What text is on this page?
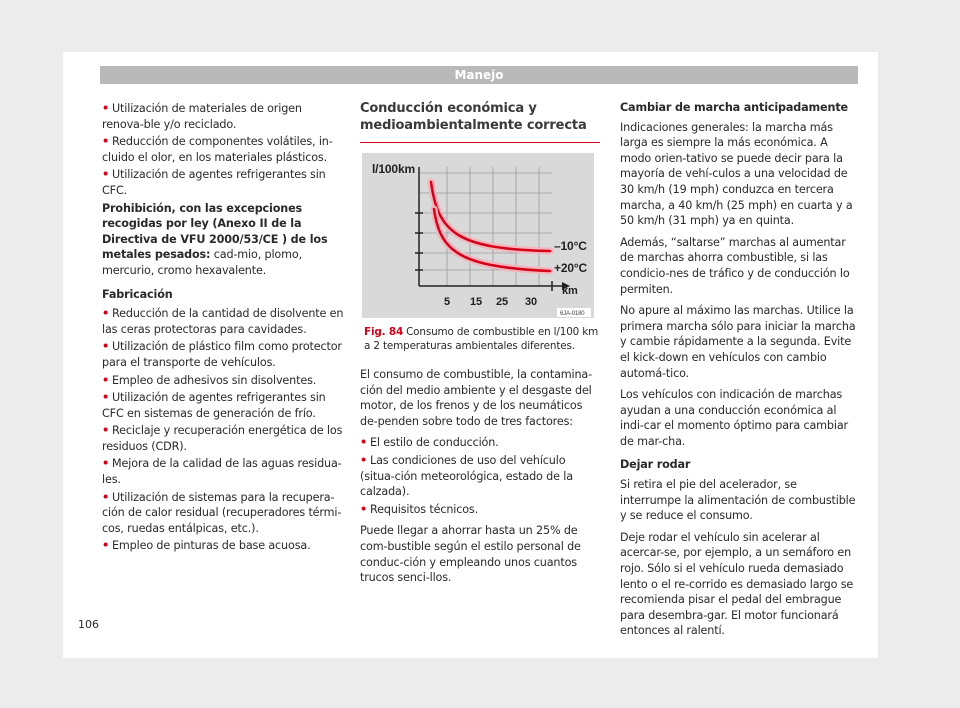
Manejo

• Utilización de materiales de origen renova-ble y/o reciclado.

• Reducción de componentes volátiles, in-cluido el olor, en los materiales plásticos.

• Utilización de agentes refrigerantes sin CFC.

Prohibición, con las excepciones recogidas por ley (Anexo II de la Directiva de VFU 2000/53/CE ) de los metales pesados: cad-mio, plomo, mercurio, cromo hexavalente.

Fabricación

• Reducción de la cantidad de disolvente en las ceras protectoras para cavidades.

• Utilización de plástico film como protector para el transporte de vehículos.

• Empleo de adhesivos sin disolventes.

• Utilización de agentes refrigerantes sin CFC en sistemas de generación de frío.

• Reciclaje y recuperación energética de los residuos (CDR).

• Mejora de la calidad de las aguas residua-les.

• Utilización de sistemas para la recupera-ción de calor residual (recuperadores térmi-cos, ruedas entálpicas, etc.).

• Empleo de pinturas de base acuosa.

Conducción económica y
medioambientalmente correcta
l/100km
–10°C
+20°C
km
5 15 25 30
6JA-0180

Fig. 84 Consumo de combustible en l/100 km a 2 temperaturas ambientales diferentes.

El consumo de combustible, la contamina-ción del medio ambiente y el desgaste del motor, de los frenos y de los neumáticos de-penden sobre todo de tres factores:

• El estilo de conducción.

• Las condiciones de uso del vehículo (situa-ción meteorológica, estado de la calzada).

• Requisitos técnicos.

Puede llegar a ahorrar hasta un 25% de com-bustible según el estilo personal de conduc-ción y empleando unos cuantos trucos senci-llos.

Cambiar de marcha anticipadamente

Indicaciones generales: la marcha más larga es siempre la más económica. A modo orien-tativo se puede decir para la mayoría de vehí-culos a una velocidad de 30 km/h (19 mph) conduzca en tercera marcha, a 40 km/h (25 mph) en cuarta y a 50 km/h (31 mph) ya en quinta.

Además, “saltarse” marchas al aumentar de marchas ahorra combustible, si las condicio-nes de tráfico y de conducción lo permiten.

No apure al máximo las marchas. Utilice la primera marcha sólo para iniciar la marcha y cambie rápidamente a la segunda. Evite el kick-down en vehículos con cambio automá-tico.

Los vehículos con indicación de marchas ayudan a una conducción económica al indi-car el momento óptimo para cambiar de mar-cha.

Dejar rodar

Si retira el pie del acelerador, se interrumpe la alimentación de combustible y se reduce el consumo.

Deje rodar el vehículo sin acelerar al acercar-se, por ejemplo, a un semáforo en rojo. Sólo si el vehículo rueda demasiado lento o el re-corrido es demasiado largo se recomienda pisar el pedal del embrague para desembra-gar. El motor funcionará entonces al ralentí.

106
